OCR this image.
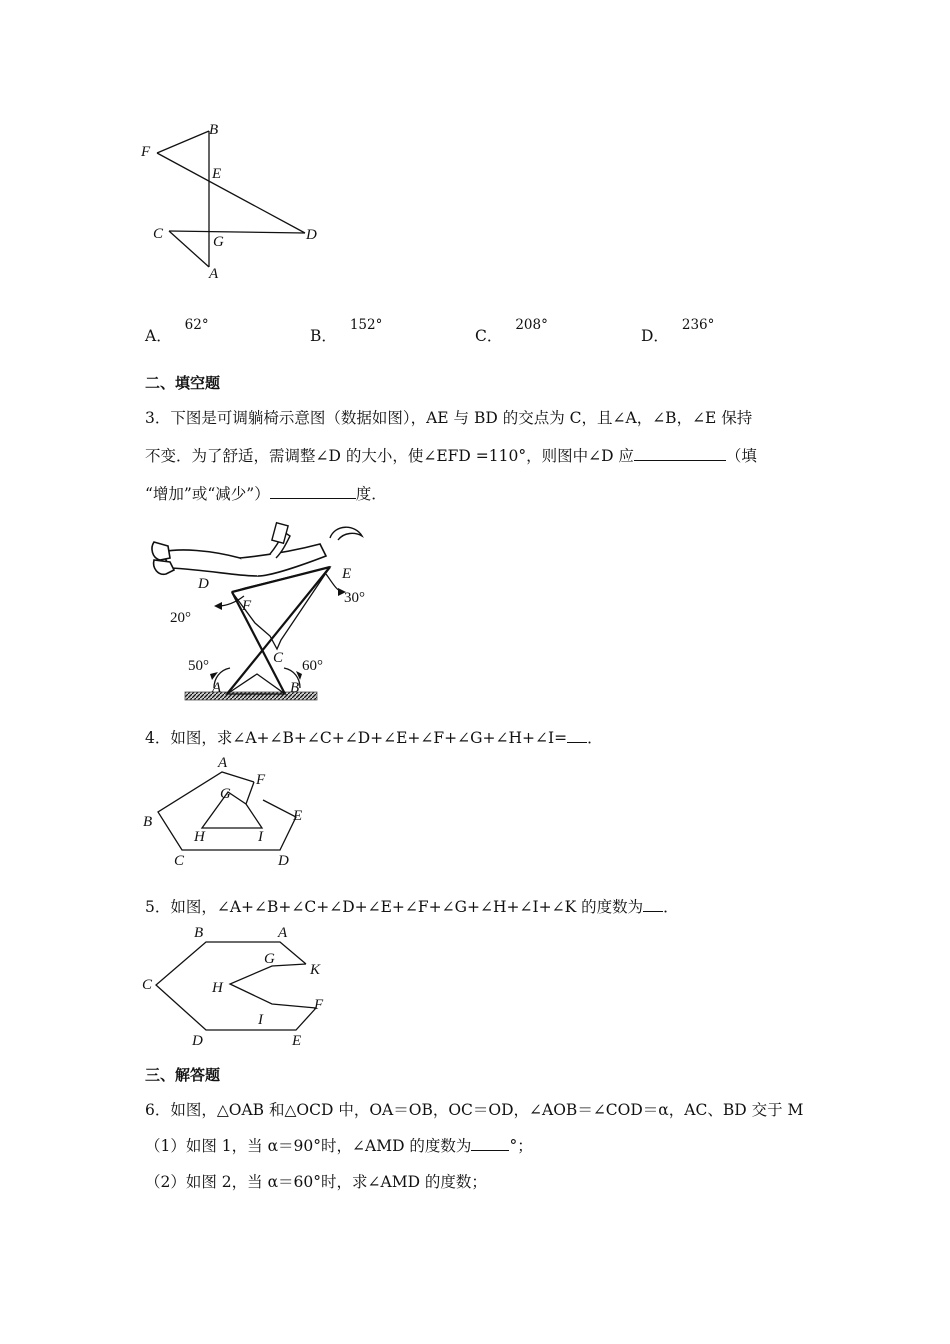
B
F
E
C	G	D
A
A． 62°
B． 152°
C． 208°
D． 236°
二、填空题
3．下图是可调躺椅示意图（数据如图），AE 与 BD 的交点为 C，且∠A，∠B，∠E 保持
不变．为了舒适，需调整∠D 的大小，使∠EFD =110°，则图中∠D 应	（填
“增加”或“减少”）	度．
D
E
F
C
A	B
20°
30°
50°	60°
4．如图，求∠A+∠B+∠C+∠D+∠E+∠F+∠G+∠H+∠I= ．
A
F
G
E
B
H	I
C	D
5．如图，∠A+∠B+∠C+∠D+∠E+∠F+∠G+∠H+∠I+∠K 的度数为 ．
B	A
G
K
C	H
F
I
D	E
三、解答题
6．如图，△OAB 和△OCD 中，OA＝OB，OC＝OD，∠AOB＝∠COD＝α，AC、BD 交于 M
（1）如图 1，当 α＝90°时，∠AMD 的度数为 °；
（2）如图 2，当 α＝60°时，求∠AMD 的度数；
